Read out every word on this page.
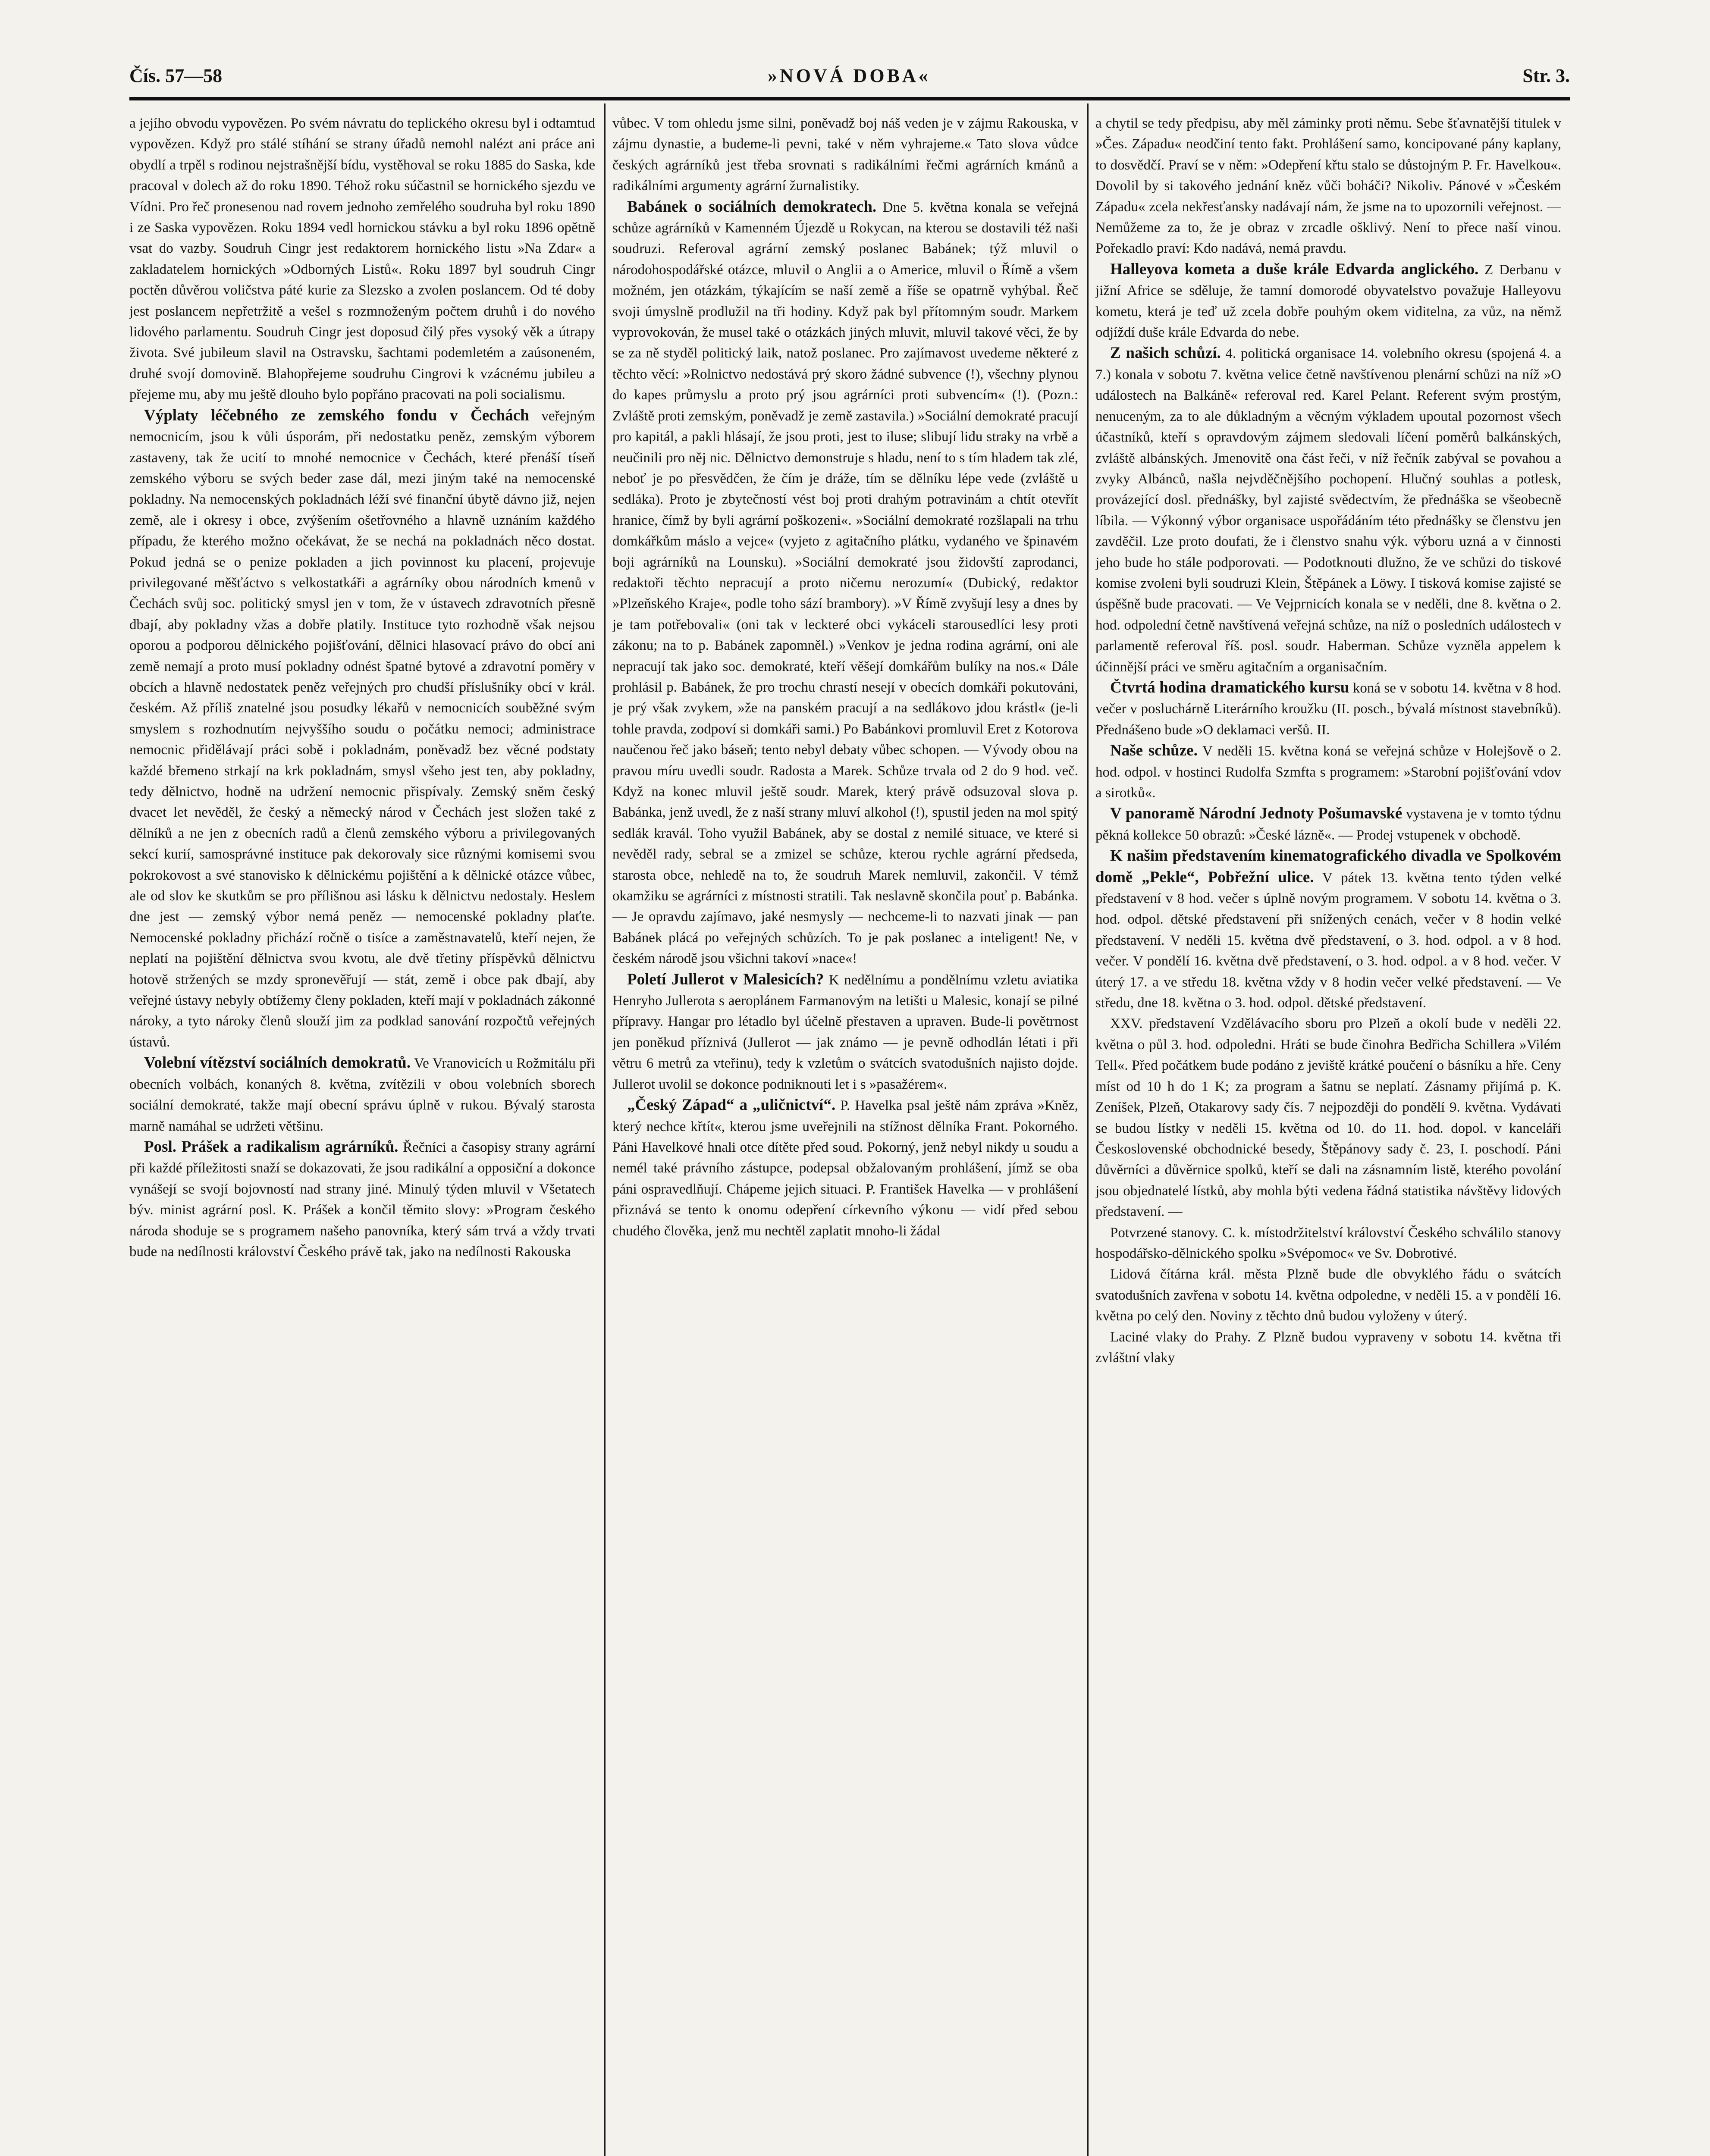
Čís. 57—58	»NOVÁ DOBA«	Str. 3.

a jejího obvodu vypovězen. Po svém návratu do teplického okresu byl i odtamtud vypovězen. Když pro stálé stíhání se strany úřadů nemohl nalézt ani práce ani obydlí a trpěl s rodinou nejstrašnější bídu, vystěhoval se roku 1885 do Saska, kde pracoval v dolech až do roku 1890. Téhož roku súčastnil se hornického sjezdu ve Vídni. Pro řeč pronesenou nad rovem jednoho zemřelého soudruha byl roku 1890 i ze Saska vypovězen. Roku 1894 vedl hornickou stávku a byl roku 1896 opětně vsat do vazby. Soudruh Cingr jest redaktorem hornického listu »Na Zdar« a zakladatelem hornických »Odborných Listů«. Roku 1897 byl soudruh Cingr poctěn důvěrou voličstva páté kurie za Slezsko a zvolen poslancem. Od té doby jest poslancem nepřetržitě a vešel s rozmnoženým počtem druhů i do nového lidového parlamentu. Soudruh Cingr jest doposud čilý přes vysoký věk a útrapy života. Své jubileum slavil na Ostravsku, šachtami podemletém a zaúsoneném, druhé svojí domovině. Blahopřejeme soudruhu Cingrovi k vzácnému jubileu a přejeme mu, aby mu ještě dlouho bylo popřáno pracovati na poli socialismu.

Výplaty léčebného ze zemského fondu v Čechách veřejným nemocnicím, jsou k vůli úsporám, při nedostatku peněz, zemským výborem zastaveny, tak že ucití to mnohé nemocnice v Čechách, které přenáší tíseň zemského výboru se svých beder zase dál, mezi jiným také na nemocenské pokladny. Na nemocenských pokladnách léží své finanční úbytě dávno již, nejen země, ale i okresy i obce, zvýšením ošetřovného a hlavně uznáním každého případu, že kterého možno očekávat, že se nechá na pokladnách něco dostat. Pokud jedná se o penize pokladen a jich povinnost ku placení, projevuje privilegované měšťáctvo s velkostatkáři a agrárníky obou národních kmenů v Čechách svůj soc. politický smysl jen v tom, že v ústavech zdravotních přesně dbají, aby pokladny vžas a dobře platily. Instituce tyto rozhodně však nejsou oporou a podporou dělnického pojišťování, dělnici hlasovací právo do obcí ani země nemají a proto musí pokladny odnést špatné bytové a zdravotní poměry v obcích a hlavně nedostatek peněz veřejných pro chudší příslušníky obcí v král. českém. Až příliš znatelné jsou posudky lékařů v nemocnicích souběžné svým smyslem s rozhodnutím nejvyššího soudu o počátku nemoci; administrace nemocnic přidělávají práci sobě i pokladnám, poněvadž bez věcné podstaty každé břemeno strkají na krk pokladnám, smysl všeho jest ten, aby pokladny, tedy dělnictvo, hodně na udržení nemocnic přispívaly. Zemský sněm český dvacet let nevěděl, že český a německý národ v Čechách jest složen také z dělníků a ne jen z obecních radů a členů zemského výboru a privilegovaných sekcí kurií, samosprávné instituce pak dekorovaly sice různými komisemi svou pokrokovost a své stanovisko k dělnickému pojištění a k dělnické otázce vůbec, ale od slov ke skutkům se pro přílišnou asi lásku k dělnictvu nedostaly. Heslem dne jest — zemský výbor nemá peněz — nemocenské pokladny plaťte. Nemocenské pokladny přichází ročně o tisíce a zaměstnavatelů, kteří nejen, že neplatí na pojištění dělnictva svou kvotu, ale dvě třetiny příspěvků dělnictvu hotově stržených se mzdy spronevěřují — stát, země i obce pak dbají, aby veřejné ústavy nebyly obtížemy členy pokladen, kteří mají v pokladnách zákonné nároky, a tyto nároky členů slouží jim za podklad sanování rozpočtů veřejných ústavů.

Volební vítězství sociálních demokratů. Ve Vranovicích u Rožmitálu při obecních volbách, konaných 8. května, zvítězili v obou volebních sborech sociální demokraté, takže mají obecní správu úplně v rukou. Bývalý starosta marně namáhal se udržeti většinu.

Posl. Prášek a radikalism agrárníků. Řečníci a časopisy strany agrární při každé příležitosti snaží se dokazovati, že jsou radikální a opposiční a dokonce vynášejí se svojí bojovností nad strany jiné. Minulý týden mluvil v Všetatech býv. minist agrární posl. K. Prášek a končil těmito slovy: »Program českého národa shoduje se s programem našeho panovníka, který sám trvá a vždy trvati bude na nedílnosti království Českého právě tak, jako na nedílnosti Rakouska

vůbec. V tom ohledu jsme silni, poněvadž boj náš veden je v zájmu Rakouska, v zájmu dynastie, a budeme-li pevni, také v něm vyhrajeme.« Tato slova vůdce českých agrárníků jest třeba srovnati s radikálními řečmi agrárních kmánů a radikálními argumenty agrární žurnalistiky.

Babánek o sociálních demokratech. Dne 5. května konala se veřejná schůze agrárníků v Kamenném Újezdě u Rokycan, na kterou se dostavili též naši soudruzi. Referoval agrární zemský poslanec Babánek; týž mluvil o národohospodářské otázce, mluvil o Anglii a o Americe, mluvil o Římě a všem možném, jen otázkám, týkajícím se naší země a říše se opatrně vyhýbal. Řeč svoji úmyslně prodlužil na tři hodiny. Když pak byl přítomným soudr. Markem vyprovokován, že musel také o otázkách jiných mluvit, mluvil takové věci, že by se za ně styděl politický laik, natož poslanec. Pro zajímavost uvedeme některé z těchto věcí: »Rolnictvo nedostává prý skoro žádné subvence (!), všechny plynou do kapes průmyslu a proto prý jsou agrárníci proti subvencím« (!). (Pozn.: Zvláště proti zemským, poněvadž je země zastavila.) »Sociální demokraté pracují pro kapitál, a pakli hlásají, že jsou proti, jest to iluse; slibují lidu straky na vrbě a neučinili pro něj nic. Dělnictvo demonstruje s hladu, není to s tím hladem tak zlé, neboť je po přesvědčen, že čím je dráže, tím se dělníku lépe vede (zvláště u sedláka). Proto je zbytečností vést boj proti drahým potravinám a chtít otevřít hranice, čímž by byli agrární poškozeni«. »Sociální demokraté rozšlapali na trhu domkářkům máslo a vejce« (vyjeto z agitačního plátku, vydaného ve špinavém boji agrárníků na Lounsku). »Sociální demokraté jsou židovští zaprodanci, redaktoři těchto nepracují a proto ničemu nerozumí« (Dubický, redaktor »Plzeňského Kraje«, podle toho sází brambory). »V Římě zvyšují lesy a dnes by je tam potřebovali« (oni tak v leckteré obci vykáceli starousedlíci lesy proti zákonu; na to p. Babánek zapomněl.) »Venkov je jedna rodina agrární, oni ale nepracují tak jako soc. demokraté, kteří věšejí domkářům bulíky na nos.« Dále prohlásil p. Babánek, že pro trochu chrastí nesejí v obecích domkáři pokutováni, je prý však zvykem, »že na panském pracují a na sedlákovo jdou krástl« (je-li tohle pravda, zodpoví si domkáři sami.) Po Babánkovi promluvil Eret z Kotorova naučenou řeč jako báseň; tento nebyl debaty vůbec schopen. — Vývody obou na pravou míru uvedli soudr. Radosta a Marek. Schůze trvala od 2 do 9 hod. več. Když na konec mluvil ještě soudr. Marek, který právě odsuzoval slova p. Babánka, jenž uvedl, že z naší strany mluví alkohol (!), spustil jeden na mol spitý sedlák kravál. Toho využil Babánek, aby se dostal z nemilé situace, ve které si nevěděl rady, sebral se a zmizel se schůze, kterou rychle agrární předseda, starosta obce, nehledě na to, že soudruh Marek nemluvil, zakončil. V témž okamžiku se agrárníci z místnosti stratili. Tak neslavně skončila pouť p. Babánka. — Je opravdu zajímavo, jaké nesmysly — nechceme-li to nazvati jinak — pan Babánek plácá po veřejných schůzích. To je pak poslanec a inteligent! Ne, v českém národě jsou všichni takoví »nace«!

Poletí Jullerot v Malesicích? K nedělnímu a pondělnímu vzletu aviatika Henryho Jullerota s aeroplánem Farmanovým na letišti u Malesic, konají se pilné přípravy. Hangar pro létadlo byl účelně přestaven a upraven. Bude-li povětrnost jen poněkud příznivá (Jullerot — jak známo — je pevně odhodlán létati i při větru 6 metrů za vteřinu), tedy k vzletům o svátcích svatodušních najisto dojde. Jullerot uvolil se dokonce podniknouti let i s »pasažérem«.

„Český Západ“ a „uličnictví“. P. Havelka psal ještě nám zpráva »Kněz, který nechce křtít«, kterou jsme uveřejnili na stížnost dělníka Frant. Pokorného. Páni Havelkové hnali otce dítěte před soud. Pokorný, jenž nebyl nikdy u soudu a nemél také právního zástupce, podepsal obžalovaným prohlášení, jímž se oba páni ospravedlňují. Chápeme jejich situaci. P. František Havelka — v prohlášení přiznává se tento k onomu odepření církevního výkonu — vidí před sebou chudého člověka, jenž mu nechtěl zaplatit mnoho-li žádal

a chytil se tedy předpisu, aby měl záminky proti němu. Sebe šťavnatější titulek v »Čes. Západu« neodčiní tento fakt. Prohlášení samo, koncipované pány kaplany, to dosvědčí. Praví se v něm: »Odepření křtu stalo se důstojným P. Fr. Havelkou«. Dovolil by si takového jednání kněz vůči boháči? Nikoliv. Pánové v »Českém Západu« zcela nekřesťansky nadávají nám, že jsme na to upozornili veřejnost. — Nemůžeme za to, že je obraz v zrcadle ošklivý. Není to přece naší vinou. Pořekadlo praví: Kdo nadává, nemá pravdu.

Halleyova kometa a duše krále Edvarda anglického. Z Derbanu v jižní Africe se sděluje, že tamní domorodé obyvatelstvo považuje Halleyovu kometu, která je teď už zcela dobře pouhým okem viditelna, za vůz, na němž odjíždí duše krále Edvarda do nebe.

Z našich schůzí. 4. politická organisace 14. volebního okresu (spojená 4. a 7.) konala v sobotu 7. května velice četně navštívenou plenární schůzi na níž »O událostech na Balkáně« referoval red. Karel Pelant. Referent svým prostým, nenuceným, za to ale důkladným a věcným výkladem upoutal pozornost všech účastníků, kteří s opravdovým zájmem sledovali líčení poměrů balkánských, zvláště albánských. Jmenovitě ona část řeči, v níž řečník zabýval se povahou a zvyky Albánců, našla nejvděčnějšího pochopení. Hlučný souhlas a potlesk, provázející dosl. přednášky, byl zajisté svědectvím, že přednáška se všeobecně líbila. — Výkonný výbor organisace uspořádáním této přednášky se členstvu jen zavděčil. Lze proto doufati, že i členstvo snahu výk. výboru uzná a v činnosti jeho bude ho stále podporovati. — Podotknouti dlužno, že ve schůzi do tiskové komise zvoleni byli soudruzi Klein, Štěpánek a Löwy. I tisková komise zajisté se úspěšně bude pracovati. — Ve Vejprnicích konala se v neděli, dne 8. května o 2. hod. odpolední četně navštívená veřejná schůze, na níž o posledních událostech v parlamentě referoval říš. posl. soudr. Haberman. Schůze vyzněla appelem k účinnější práci ve směru agitačním a organisačním.

Čtvrtá hodina dramatického kursu koná se v sobotu 14. května v 8 hod. večer v posluchárně Literárního kroužku (II. posch., bývalá místnost stavebníků). Přednášeno bude »O deklamaci veršů. II.

Naše schůze. V neděli 15. května koná se veřejná schůze v Holejšově o 2. hod. odpol. v hostinci Rudolfa Szmfta s programem: »Starobní pojišťování vdov a sirotků«.

V panoramě Národní Jednoty Pošumavské vystavena je v tomto týdnu pěkná kollekce 50 obrazů: »České lázně«. — Prodej vstupenek v obchodě.

K našim představením kinematografického divadla ve Spolkovém domě „Pekle“, Pobřežní ulice. V pátek 13. května tento týden velké představení v 8 hod. večer s úplně novým programem. V sobotu 14. května o 3. hod. odpol. dětské představení při snížených cenách, večer v 8 hodin velké představení. V neděli 15. května dvě představení, o 3. hod. odpol. a v 8 hod. večer. V pondělí 16. května dvě představení, o 3. hod. odpol. a v 8 hod. večer. V úterý 17. a ve středu 18. května vždy v 8 hodin večer velké představení. — Ve středu, dne 18. května o 3. hod. odpol. dětské představení.

XXV. představení Vzdělávacího sboru pro Plzeň a okolí bude v neděli 22. května o půl 3. hod. odpoledni. Hráti se bude činohra Bedřicha Schillera »Vilém Tell«. Před počátkem bude podáno z jeviště krátké poučení o básníku a hře. Ceny míst od 10 h do 1 K; za program a šatnu se neplatí. Zásnamy přijímá p. K. Zeníšek, Plzeň, Otakarovy sady čís. 7 nejpozději do pondělí 9. května. Vydávati se budou lístky v neděli 15. května od 10. do 11. hod. dopol. v kanceláři Československé obchodnické besedy, Štěpánovy sady č. 23, I. poschodí. Páni důvěrníci a důvěrnice spolků, kteří se dali na zásnamním listě, kterého povolání jsou objednatelé lístků, aby mohla býti vedena řádná statistika návštěvy lidových představení. —

Potvrzené stanovy. C. k. místodržitelství království Českého schválilo stanovy hospodářsko-dělnického spolku »Svépomoc« ve Sv. Dobrotivé.

Lidová čítárna král. města Plzně bude dle obvyklého řádu o svátcích svatodušních zavřena v sobotu 14. května odpoledne, v neděli 15. a v pondělí 16. května po celý den. Noviny z těchto dnů budou vyloženy v úterý.

Laciné vlaky do Prahy. Z Plzně budou vypraveny v sobotu 14. května tři zvláštní vlaky
